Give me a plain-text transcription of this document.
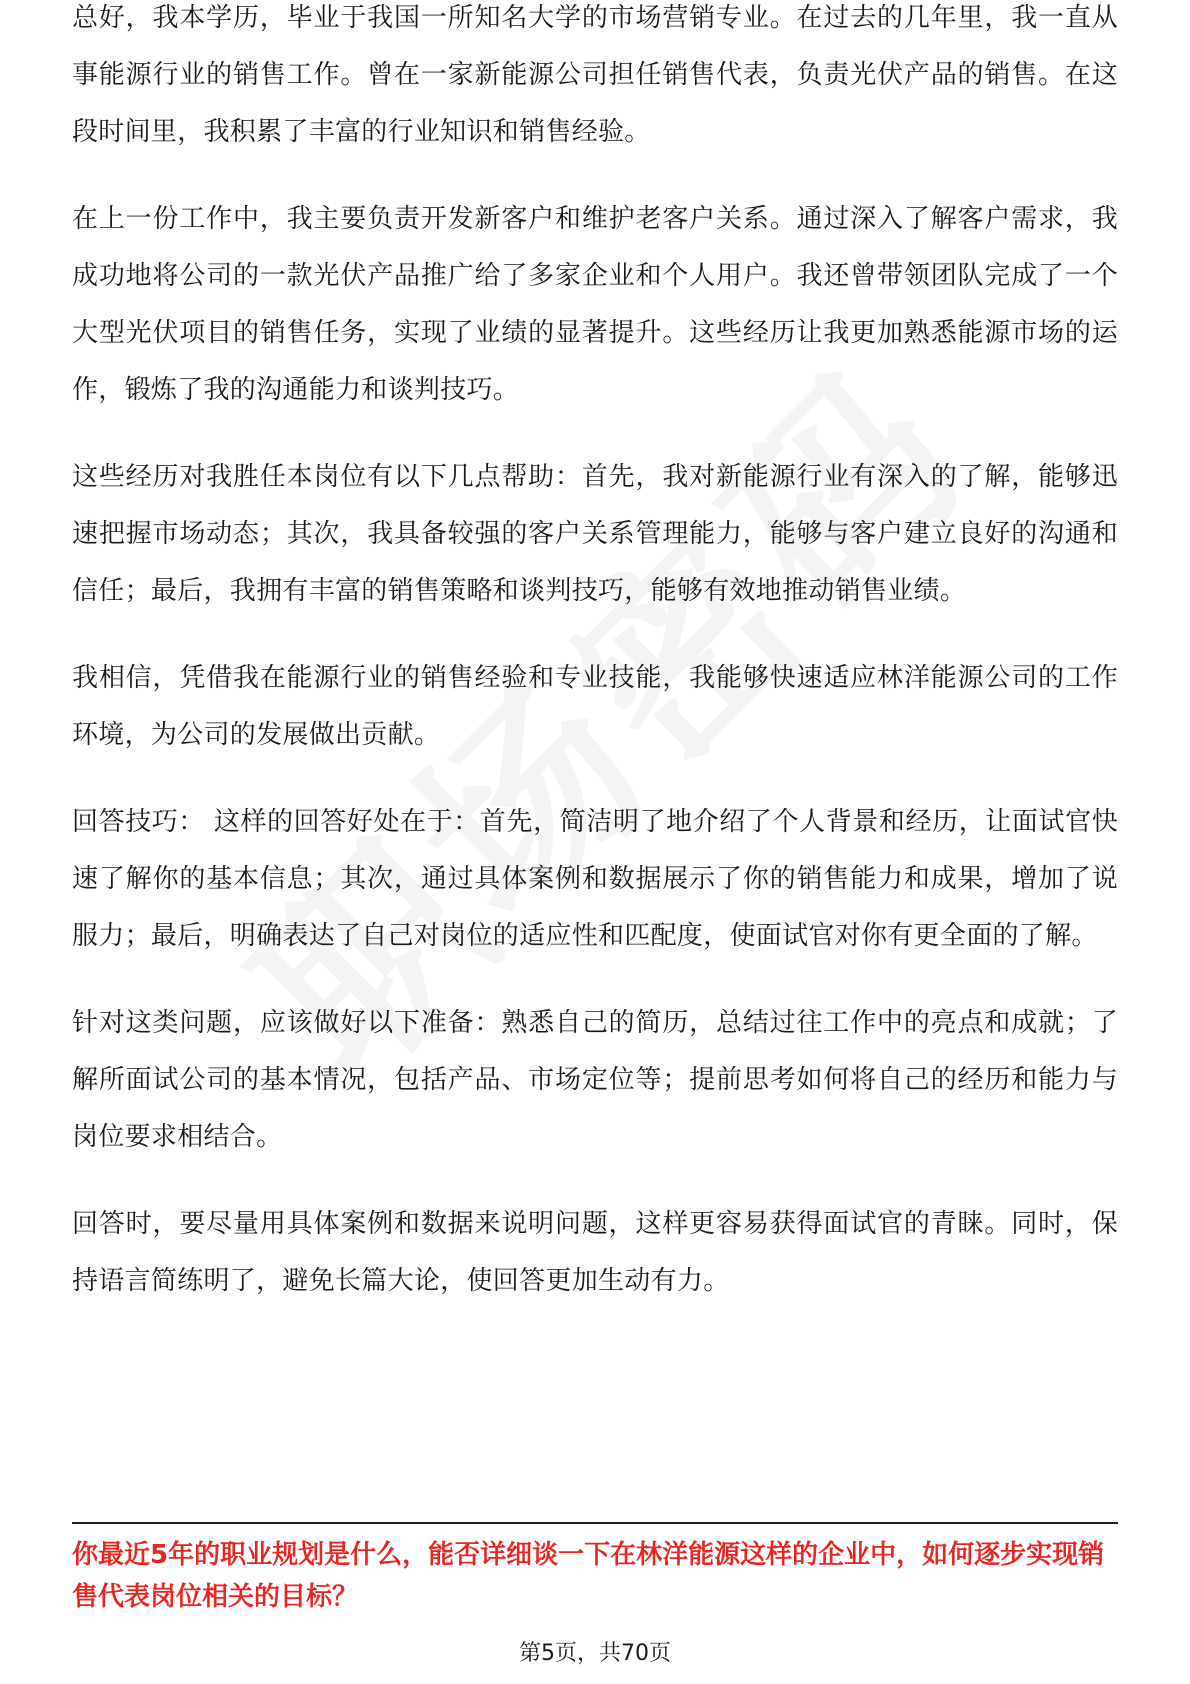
总好，我本学历，毕业于我国一所知名大学的市场营销专业。在过去的几年里，我一直从事能源行业的销售工作。曾在一家新能源公司担任销售代表，负责光伏产品的销售。在这段时间里，我积累了丰富的行业知识和销售经验。

在上一份工作中，我主要负责开发新客户和维护老客户关系。通过深入了解客户需求，我成功地将公司的一款光伏产品推广给了多家企业和个人用户。我还曾带领团队完成了一个大型光伏项目的销售任务，实现了业绩的显著提升。这些经历让我更加熟悉能源市场的运作，锻炼了我的沟通能力和谈判技巧。

这些经历对我胜任本岗位有以下几点帮助：首先，我对新能源行业有深入的了解，能够迅速把握市场动态；其次，我具备较强的客户关系管理能力，能够与客户建立良好的沟通和信任；最后，我拥有丰富的销售策略和谈判技巧，能够有效地推动销售业绩。

我相信，凭借我在能源行业的销售经验和专业技能，我能够快速适应林洋能源公司的工作环境，为公司的发展做出贡献。

回答技巧： 这样的回答好处在于：首先，简洁明了地介绍了个人背景和经历，让面试官快速了解你的基本信息；其次，通过具体案例和数据展示了你的销售能力和成果，增加了说服力；最后，明确表达了自己对岗位的适应性和匹配度，使面试官对你有更全面的了解。

针对这类问题，应该做好以下准备：熟悉自己的简历，总结过往工作中的亮点和成就；了解所面试公司的基本情况，包括产品、市场定位等；提前思考如何将自己的经历和能力与岗位要求相结合。

回答时，要尽量用具体案例和数据来说明问题，这样更容易获得面试官的青睐。同时，保持语言简练明了，避免长篇大论，使回答更加生动有力。

你最近5年的职业规划是什么，能否详细谈一下在林洋能源这样的企业中，如何逐步实现销售代表岗位相关的目标？
第5页，共70页
